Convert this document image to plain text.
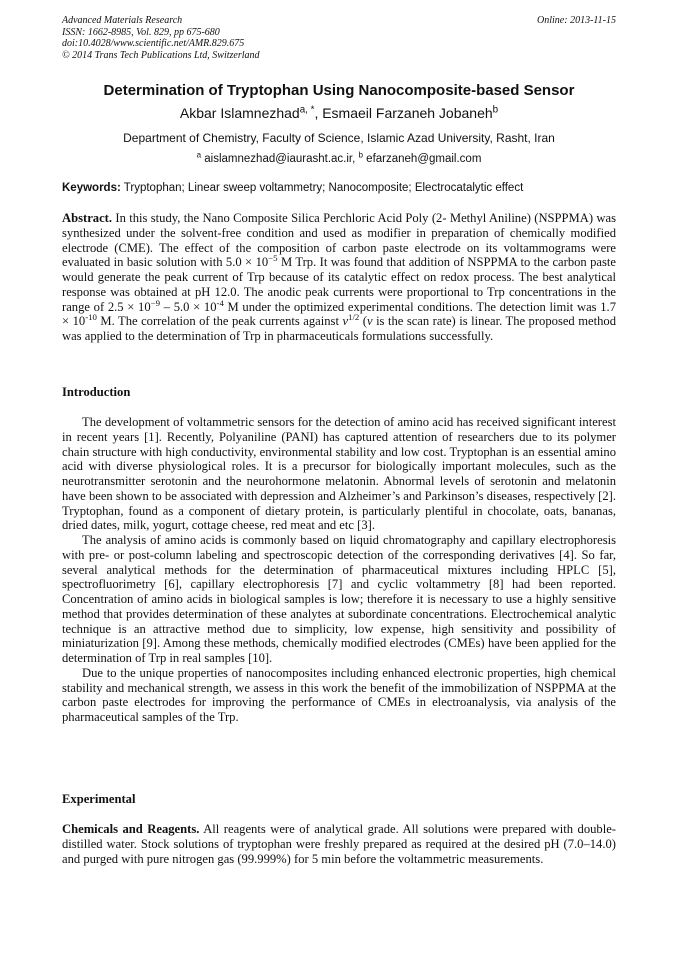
Advanced Materials Research
ISSN: 1662-8985, Vol. 829, pp 675-680
doi:10.4028/www.scientific.net/AMR.829.675
© 2014 Trans Tech Publications Ltd, Switzerland
Online: 2013-11-15
Determination of Tryptophan Using Nanocomposite-based Sensor
Akbar Islamnezhad$^{a, *}$, Esmaeil Farzaneh Jobaneh$^b$
Department of Chemistry, Faculty of Science, Islamic Azad University, Rasht, Iran
$^a$ aislamnezhad@iaurasht.ac.ir, $^b$ efarzaneh@gmail.com
Keywords: Tryptophan; Linear sweep voltammetry; Nanocomposite; Electrocatalytic effect

Abstract. In this study, the Nano Composite Silica Perchloric Acid Poly (2- Methyl Aniline) (NSPPMA) was synthesized under the solvent-free condition and used as modifier in preparation of chemically modified electrode (CME). The effect of the composition of carbon paste electrode on its voltammograms were evaluated in basic solution with $5.0 \times 10^{-5}$ M Trp. It was found that addition of NSPPMA to the carbon paste would generate the peak current of Trp because of its catalytic effect on redox process. The best analytical response was obtained at pH 12.0. The anodic peak currents were proportional to Trp concentrations in the range of $2.5 \times 10^{-9} - 5.0 \times 10^{-4}$ M under the optimized experimental conditions. The detection limit was $1.7 \times 10^{-10}$ M. The correlation of the peak currents against $v^{1/2}$ (v is the scan rate) is linear. The proposed method was applied to the determination of Trp in pharmaceuticals formulations successfully.

Introduction

The development of voltammetric sensors for the detection of amino acid has received significant interest in recent years [1]. Recently, Polyaniline (PANI) has captured attention of researchers due to its polymer chain structure with high conductivity, environmental stability and low cost. Tryptophan is an essential amino acid with diverse physiological roles. It is a precursor for biologically important molecules, such as the neurotransmitter serotonin and the neurohormone melatonin. Abnormal levels of serotonin and melatonin have been shown to be associated with depression and Alzheimer’s and Parkinson’s diseases, respectively [2]. Tryptophan, found as a component of dietary protein, is particularly plentiful in chocolate, oats, bananas, dried dates, milk, yogurt, cottage cheese, red meat and etc [3].

The analysis of amino acids is commonly based on liquid chromatography and capillary electrophoresis with pre- or post-column labeling and spectroscopic detection of the corresponding derivatives [4]. So far, several analytical methods for the determination of pharmaceutical mixtures including HPLC [5], spectrofluorimetry [6], capillary electrophoresis [7] and cyclic voltammetry [8] had been reported. Concentration of amino acids in biological samples is low; therefore it is necessary to use a highly sensitive method that provides determination of these analytes at subordinate concentrations. Electrochemical analytic technique is an attractive method due to simplicity, low expense, high sensitivity and possibility of miniaturization [9]. Among these methods, chemically modified electrodes (CMEs) have been applied for the determination of Trp in real samples [10].

Due to the unique properties of nanocomposites including enhanced electronic properties, high chemical stability and mechanical strength, we assess in this work the benefit of the immobilization of NSPPMA at the carbon paste electrodes for improving the performance of CMEs in electroanalysis, via analysis of the pharmaceutical samples of the Trp.

Experimental

Chemicals and Reagents. All reagents were of analytical grade. All solutions were prepared with double-distilled water. Stock solutions of tryptophan were freshly prepared as required at the desired pH (7.0–14.0) and purged with pure nitrogen gas (99.999%) for 5 min before the voltammetric measurements.
